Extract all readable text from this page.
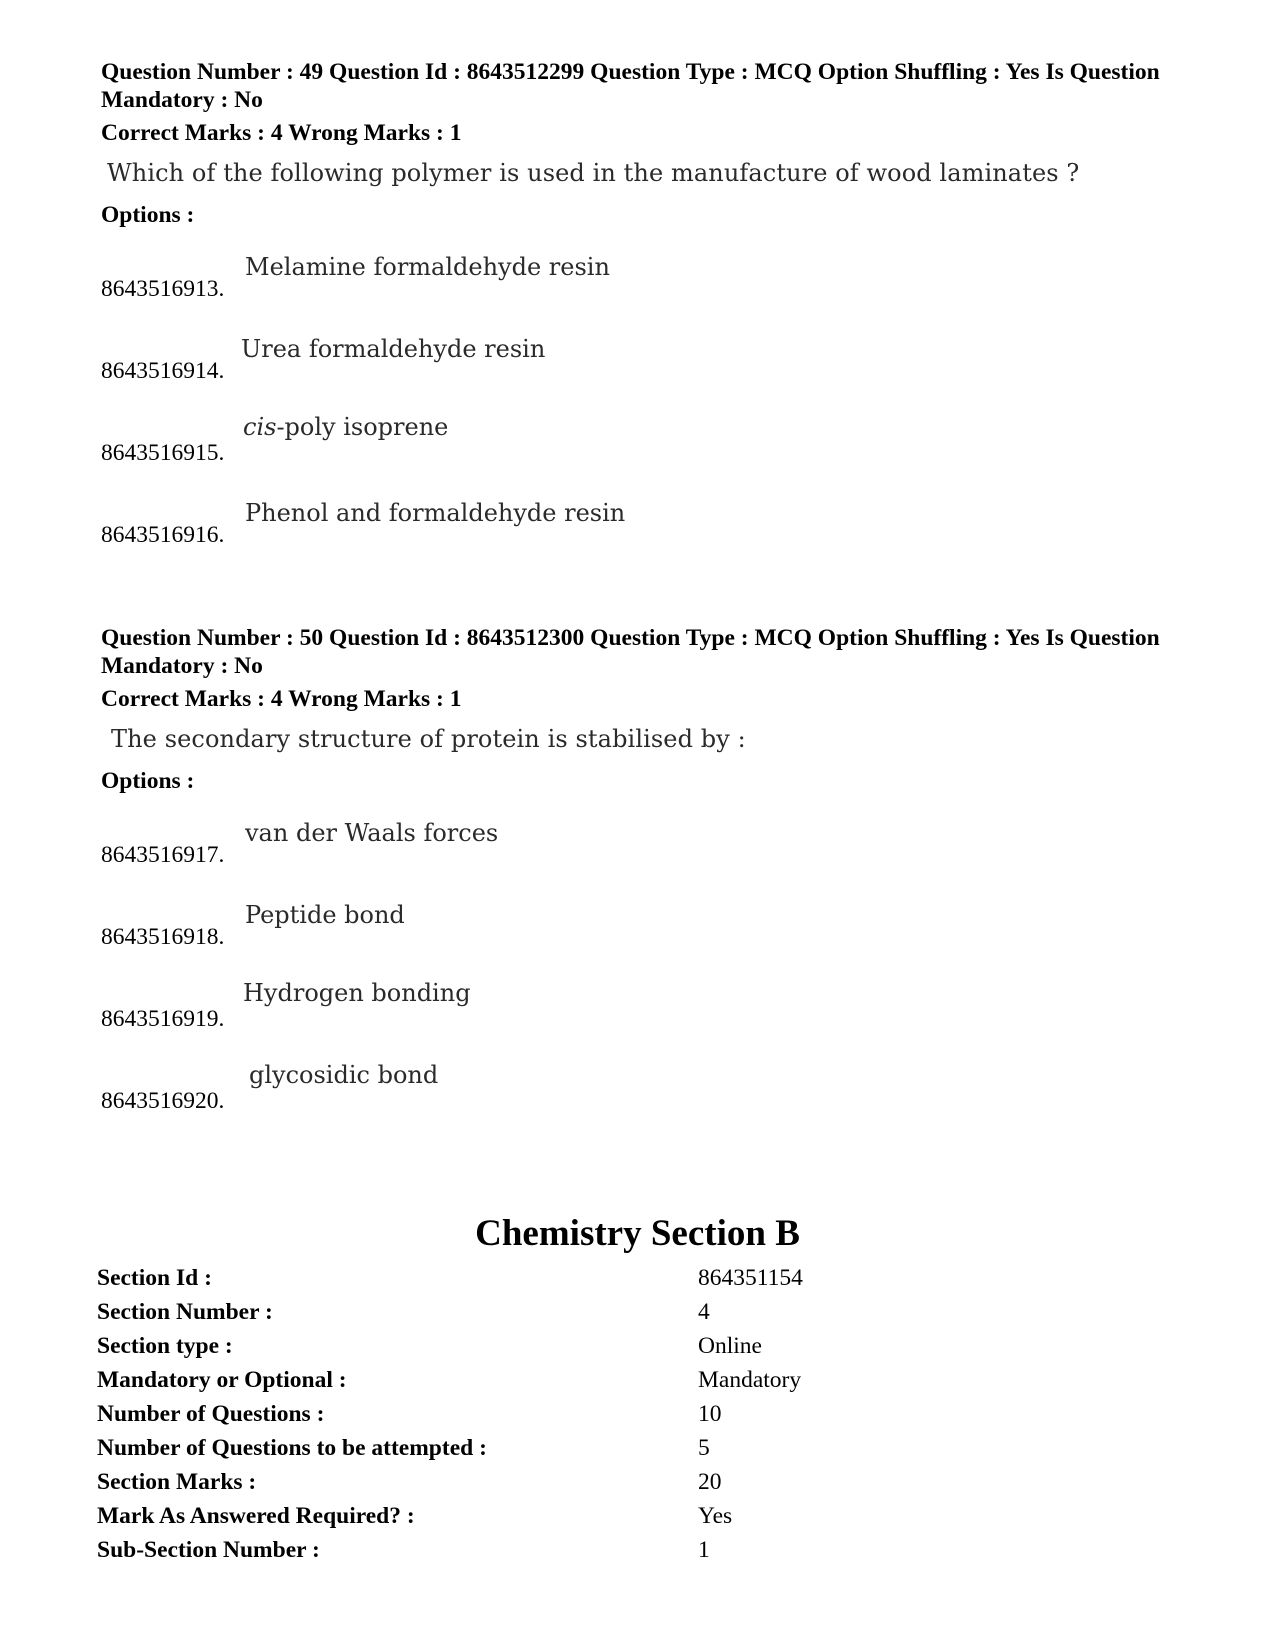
Question Number : 49 Question Id : 8643512299 Question Type : MCQ Option Shuffling : Yes Is Question Mandatory : No
Correct Marks : 4 Wrong Marks : 1
Which of the following polymer is used in the manufacture of wood laminates ?
Options :
8643516913.
Melamine formaldehyde resin
8643516914.
Urea formaldehyde resin
8643516915.
cis-poly isoprene
8643516916.
Phenol and formaldehyde resin
Question Number : 50 Question Id : 8643512300 Question Type : MCQ Option Shuffling : Yes Is Question Mandatory : No
Correct Marks : 4 Wrong Marks : 1
The secondary structure of protein is stabilised by :
Options :
8643516917.
van der Waals forces
8643516918.
Peptide bond
8643516919.
Hydrogen bonding
8643516920.
glycosidic bond
Chemistry Section B
Section Id :	864351154
Section Number :	4
Section type :	Online
Mandatory or Optional :	Mandatory
Number of Questions :	10
Number of Questions to be attempted :	5
Section Marks :	20
Mark As Answered Required? :	Yes
Sub-Section Number :	1
